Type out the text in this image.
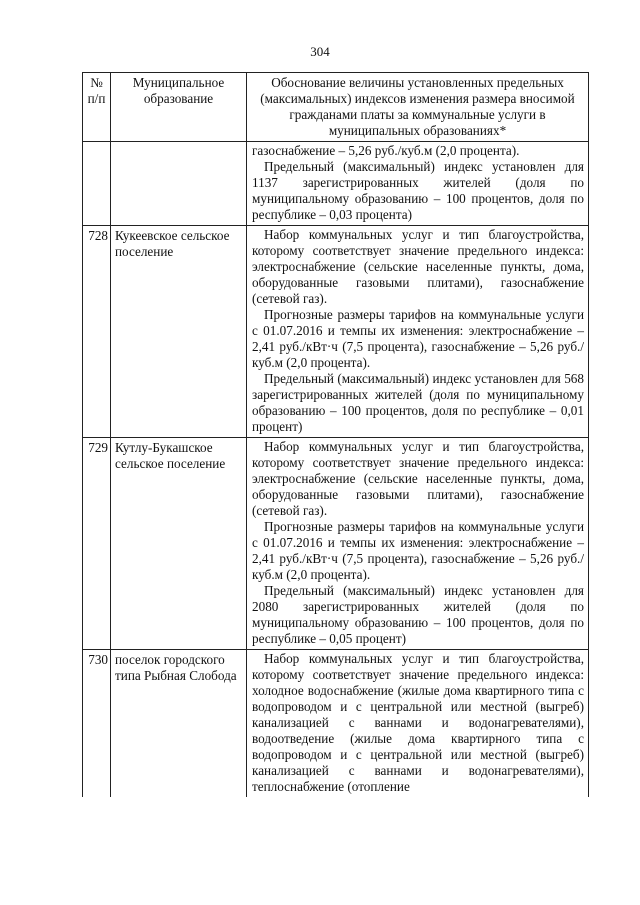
304
№ п/п	Муниципальное образование	Обоснование величины установленных предельных (максимальных) индексов изменения размера вносимой гражданами платы за коммунальные услуги в муниципальных образованиях*

		газоснабжение – 5,26 руб./куб.м (2,0 процента).

Предельный (максимальный) индекс установлен для 1137 зарегистрированных жителей (доля по муниципальному образованию – 100 процентов, доля по республике – 0,03 процента)

728	Кукеевское сельское поселение	Набор коммунальных услуг и тип благоустройства, которому соответствует значение предельного индекса: электроснабжение (сельские населенные пункты, дома, оборудованные газовыми плитами), газоснабжение (сетевой газ).

Прогнозные размеры тарифов на коммунальные услуги с 01.07.2016 и темпы их изменения: электроснабжение – 2,41 руб./кВт·ч (7,5 процента), газоснабжение – 5,26 руб./куб.м (2,0 процента).

Предельный (максимальный) индекс установлен для 568 зарегистрированных жителей (доля по муниципальному образованию – 100 процентов, доля по республике – 0,01 процент)

729	Кутлу-Букашское сельское поселение	Набор коммунальных услуг и тип благоустройства, которому соответствует значение предельного индекса: электроснабжение (сельские населенные пункты, дома, оборудованные газовыми плитами), газоснабжение (сетевой газ).

Прогнозные размеры тарифов на коммунальные услуги с 01.07.2016 и темпы их изменения: электроснабжение – 2,41 руб./кВт·ч (7,5 процента), газоснабжение – 5,26 руб./куб.м (2,0 процента).

Предельный (максимальный) индекс установлен для 2080 зарегистрированных жителей (доля по муниципальному образованию – 100 процентов, доля по республике – 0,05 процент)

730	поселок городского типа Рыбная Слобода	Набор коммунальных услуг и тип благоустройства, которому соответствует значение предельного индекса: холодное водоснабжение (жилые дома квартирного типа с водопроводом и с центральной или местной (выгреб) канализацией с ваннами и водонагревателями), водоотведение (жилые дома квартирного типа с водопроводом и с центральной или местной (выгреб) канализацией с ваннами и водонагревателями), теплоснабжение (отопление
